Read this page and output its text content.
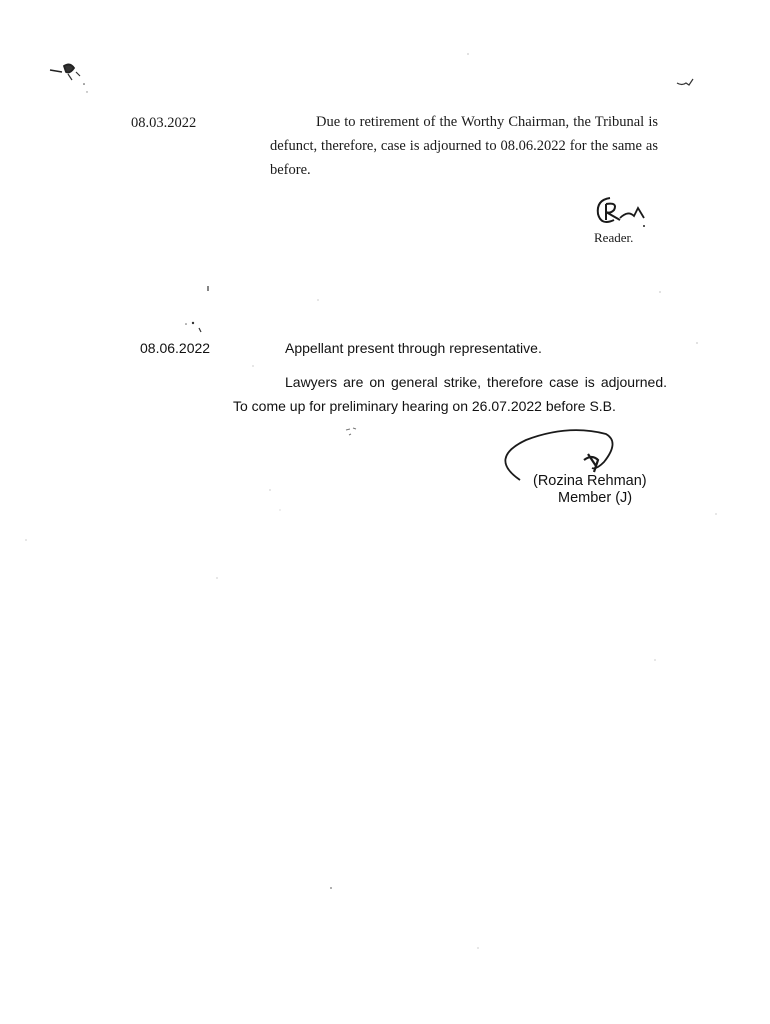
08.03.2022	Due to retirement of the Worthy Chairman, the Tribunal is defunct, therefore, case is adjourned to 08.06.2022 for the same as before.
Reader.
08.06.2022	Appellant present through representative.
Lawyers are on general strike, therefore case is adjourned. To come up for preliminary hearing on 26.07.2022 before S.B.
(Rozina Rehman)
Member (J)
